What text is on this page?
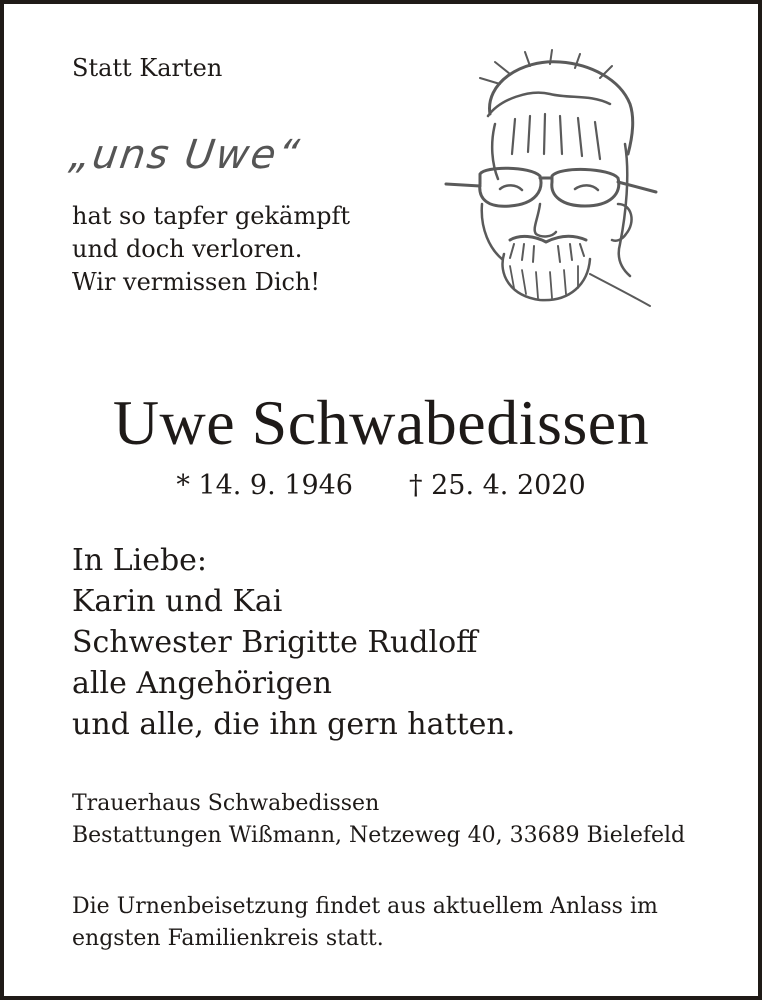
Statt Karten

„uns Uwe“

hat so tapfer gekämpft
und doch verloren.
Wir vermissen Dich!

Uwe Schwabedissen

* 14. 9. 1946 † 25. 4. 2020

In Liebe:
Karin und Kai
Schwester Brigitte Rudloff
alle Angehörigen
und alle, die ihn gern hatten.
Trauerhaus Schwabedissen
Bestattungen Wißmann, Netzeweg 40, 33689 Bielefeld
Die Urnenbeisetzung findet aus aktuellem Anlass im
engsten Familienkreis statt.
